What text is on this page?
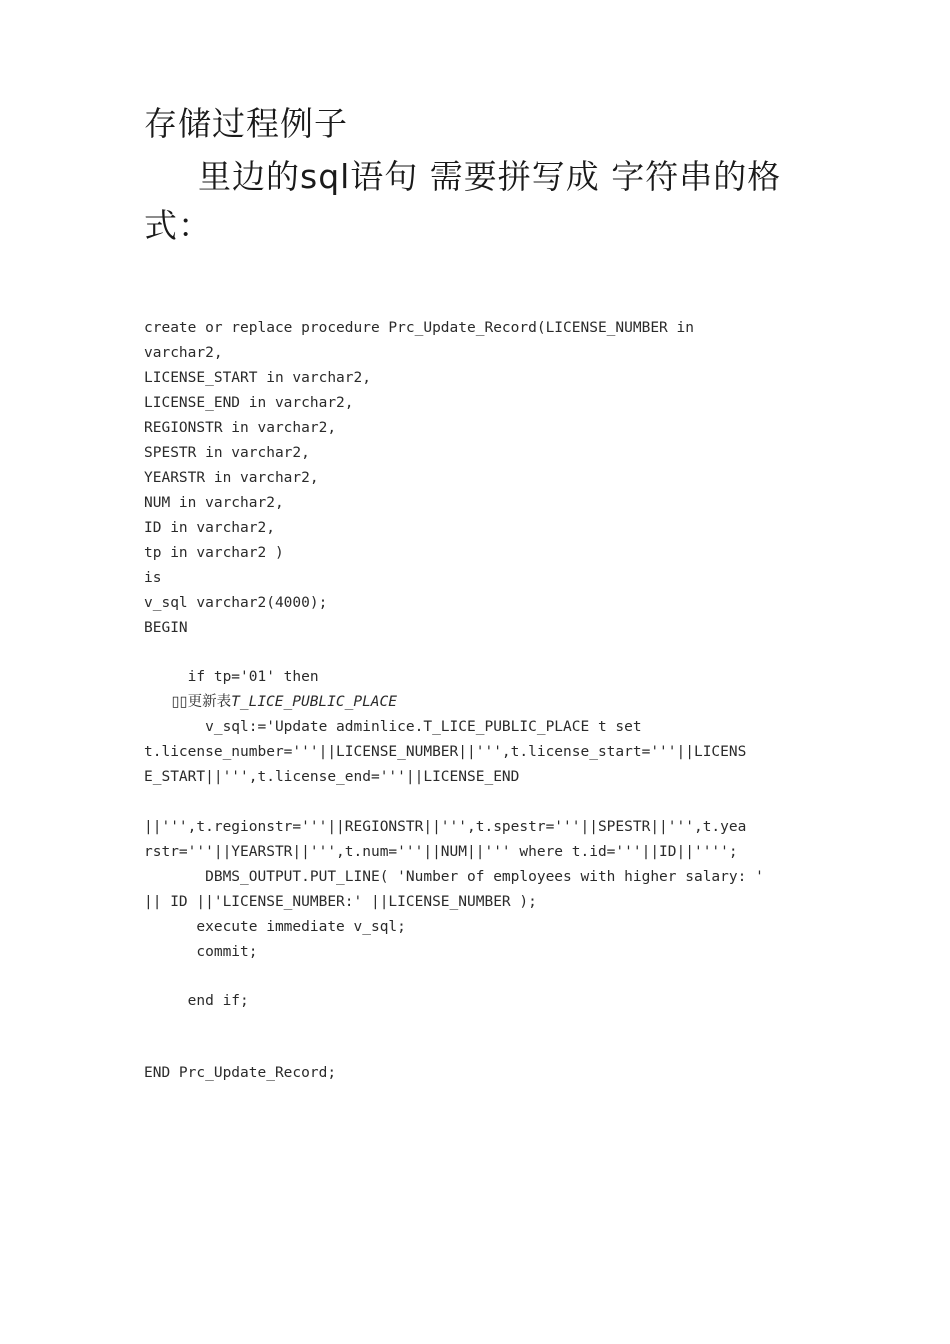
存储过程例子

里边的sql语句 需要拼写成 字符串的格式：

create or replace procedure Prc_Update_Record(LICENSE_NUMBER in
varchar2,
LICENSE_START in varchar2,
LICENSE_END in varchar2,
REGIONSTR in varchar2,
SPESTR in varchar2,
YEARSTR in varchar2,
NUM in varchar2,
ID in varchar2,
tp in varchar2 )
is
v_sql varchar2(4000);
BEGIN
if tp='01' then
▯▯更新表T_LICE_PUBLIC_PLACE
v_sql:='Update adminlice.T_LICE_PUBLIC_PLACE t set
t.license_number='''||LICENSE_NUMBER||''',t.license_start='''||LICENS
E_START||''',t.license_end='''||LICENSE_END
||''',t.regionstr='''||REGIONSTR||''',t.spestr='''||SPESTR||''',t.yea
rstr='''||YEARSTR||''',t.num='''||NUM||''' where t.id='''||ID||'''';
DBMS_OUTPUT.PUT_LINE( 'Number of employees with higher salary: '
|| ID ||'LICENSE_NUMBER:' ||LICENSE_NUMBER );
execute immediate v_sql;
commit;
end if;
END Prc_Update_Record;
